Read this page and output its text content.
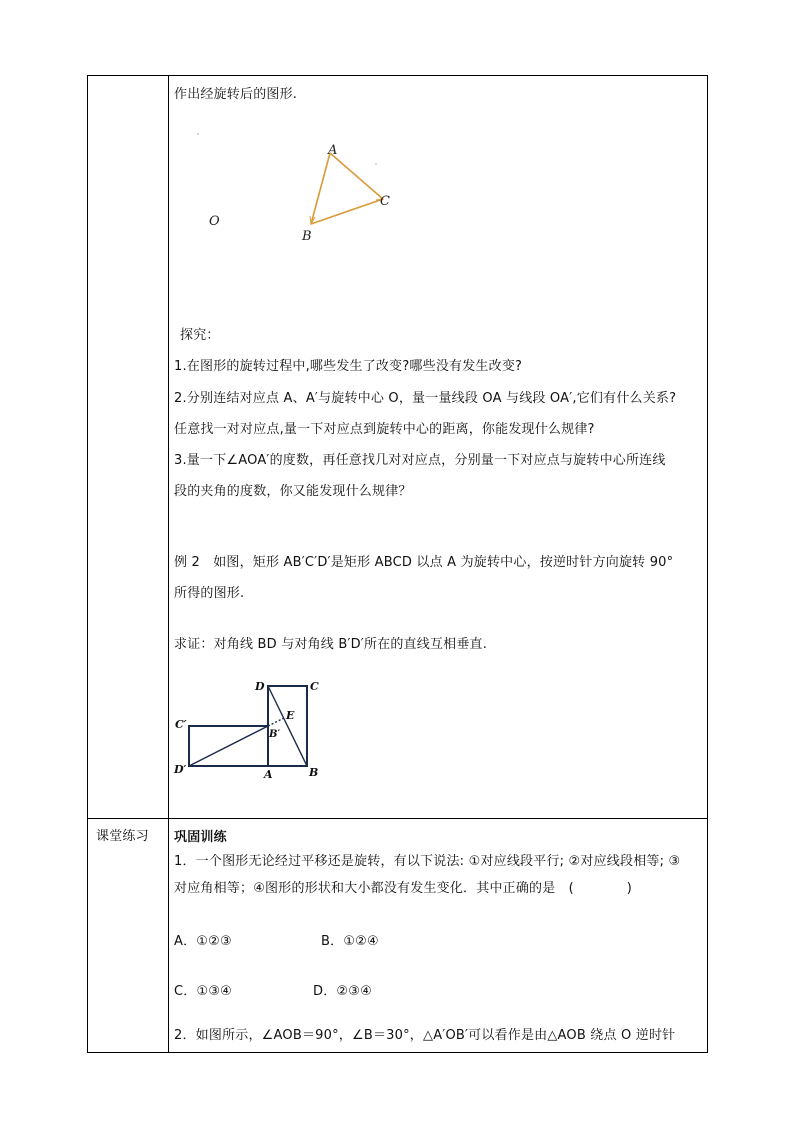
课堂练习
作出经旋转后的图形.
A
C
B
O
探究：
1.在图形的旋转过程中,哪些发生了改变?哪些没有发生改变?
2.分别连结对应点 A、A′与旋转中心 O，量一量线段 OA 与线段 OA′,它们有什么关系?
任意找一对对应点,量一下对应点到旋转中心的距离，你能发现什么规律?
3.量一下∠AOA′的度数，再任意找几对对应点，分别量一下对应点与旋转中心所连线
段的夹角的度数，你又能发现什么规律？
例 2　如图，矩形 AB′C′D′是矩形 ABCD 以点 A 为旋转中心，按逆时针方向旋转 90°
所得的图形.
求证：对角线 BD 与对角线 B′D′所在的直线互相垂直.
D	C
C′
E
B′
D′	A	B
巩固训练
1．一个图形无论经过平移还是旋转，有以下说法: ①对应线段平行; ②对应线段相等; ③
对应角相等；④图形的形状和大小都没有发生变化．其中正确的是　(　　　　)
A．①②③	B．①②④
C．①③④	D．②③④
2．如图所示，∠AOB＝90°，∠B＝30°，△A′OB′可以看作是由△AOB 绕点 O 逆时针
